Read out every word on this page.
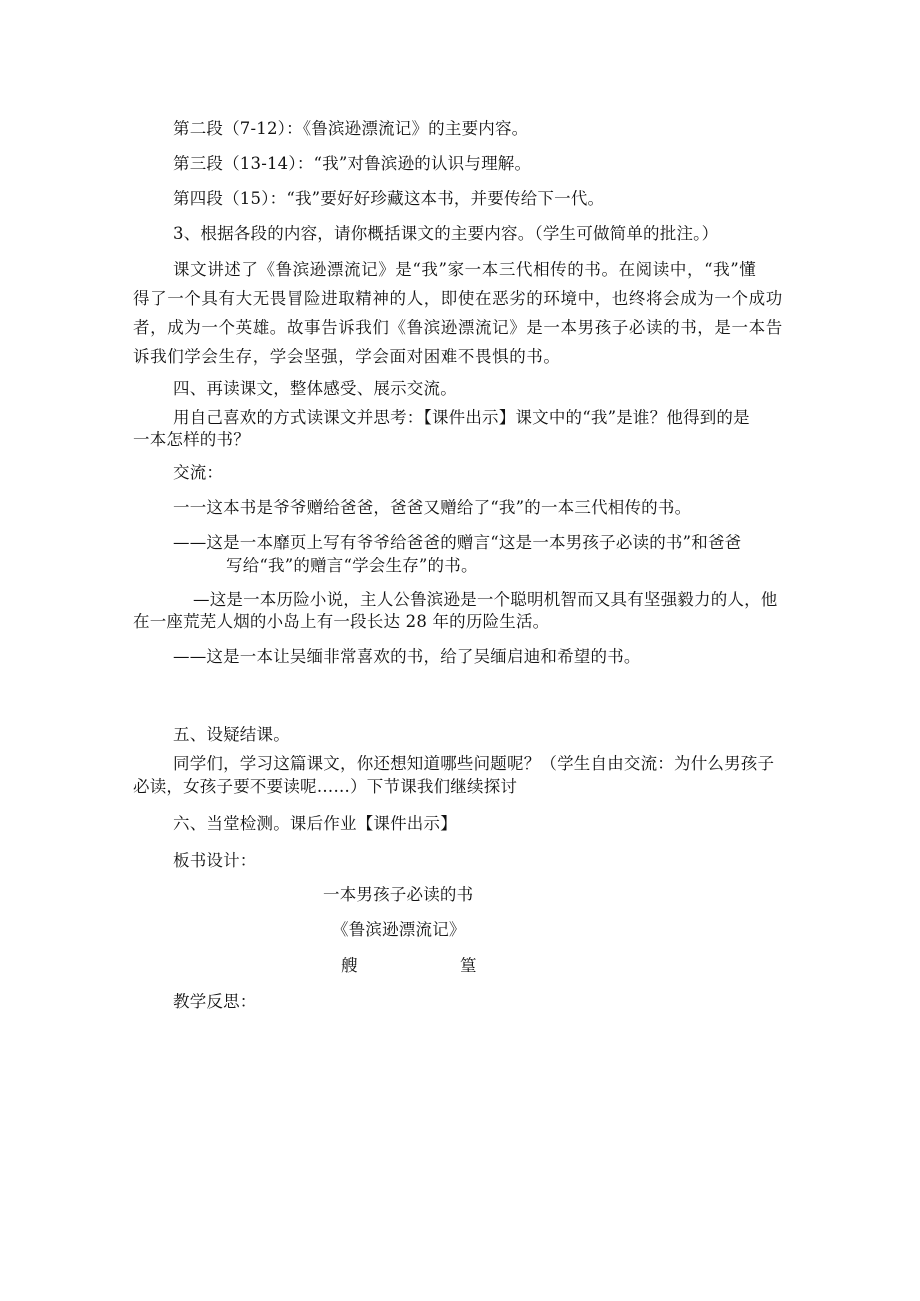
第二段（7-12）：《鲁滨逊漂流记》的主要内容。
第三段（13-14）：“我”对鲁滨逊的认识与理解。
第四段（15）：“我”要好好珍藏这本书，并要传给下一代。
3、根据各段的内容，请你概括课文的主要内容。（学生可做简单的批注。）
课文讲述了《鲁滨逊漂流记》是“我”家一本三代相传的书。在阅读中，“我”懂
得了一个具有大无畏冒险进取精神的人，即使在恶劣的环境中，也终将会成为一个成功
者，成为一个英雄。故事告诉我们《鲁滨逊漂流记》是一本男孩子必读的书，是一本告
诉我们学会生存，学会坚强，学会面对困难不畏惧的书。
四、再读课文，整体感受、展示交流。
用自己喜欢的方式读课文并思考：【课件出示】课文中的“我”是谁？他得到的是
一本怎样的书？
交流：
一一这本书是爷爷赠给爸爸，爸爸又赠给了“我”的一本三代相传的书。
——这是一本靡页上写有爷爷给爸爸的赠言“这是一本男孩子必读的书”和爸爸
写给“我”的赠言“学会生存”的书。
—这是一本历险小说，主人公鲁滨逊是一个聪明机智而又具有坚强毅力的人，他
在一座荒芜人烟的小岛上有一段长达 28 年的历险生活。
——这是一本让吴缅非常喜欢的书，给了吴缅启迪和希望的书。
五、设疑结课。
同学们，学习这篇课文，你还想知道哪些问题呢？（学生自由交流：为什么男孩子
必读，女孩子要不要读呢……）下节课我们继续探讨
六、当堂检测。课后作业【课件出示】
板书设计：
一本男孩子必读的书
《鲁滨逊漂流记》
艘	篁
教学反思：
